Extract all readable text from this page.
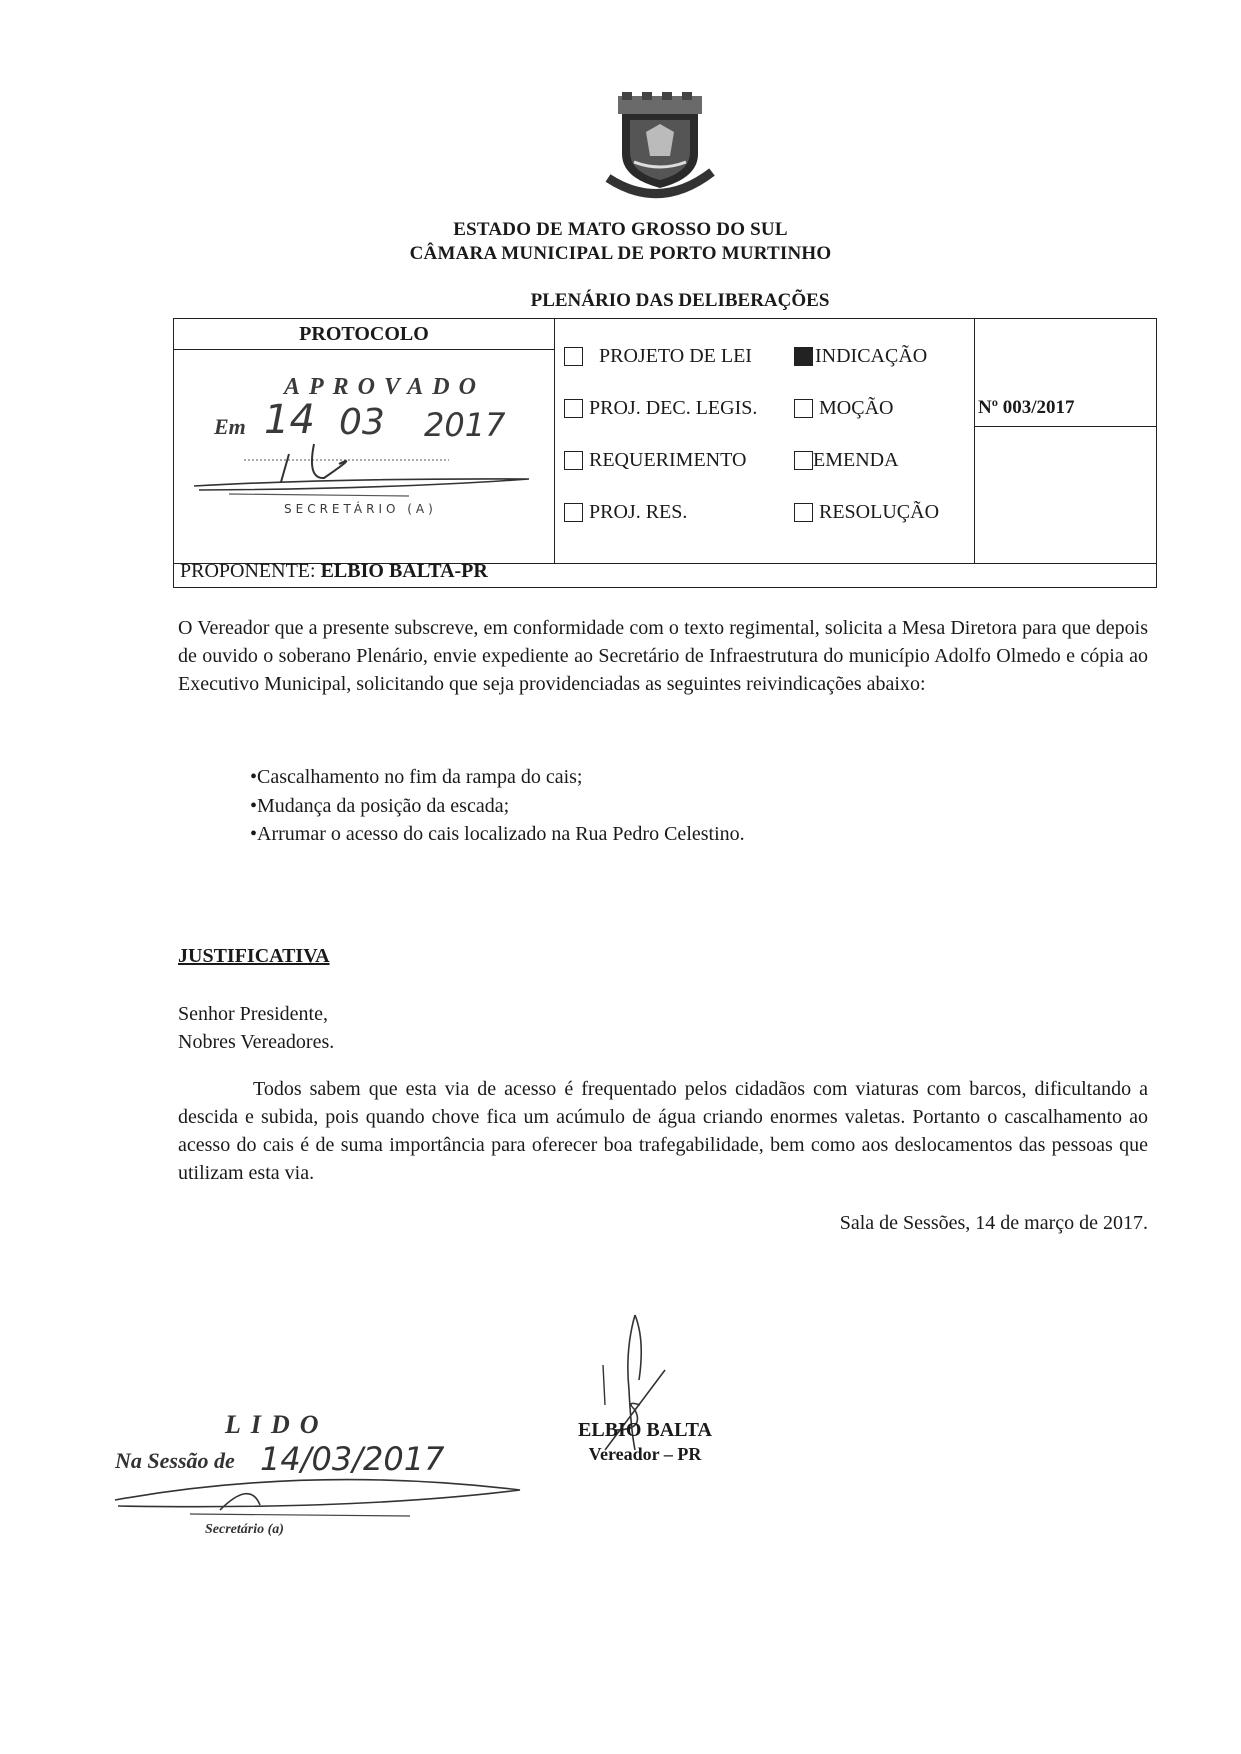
ESTADO DE MATO GROSSO DO SUL
CÂMARA MUNICIPAL DE PORTO MURTINHO
PLENÁRIO DAS DELIBERAÇÕES
PROTOCOLO
APROVADO
Em 14 03 2017
SECRETÁRIO (A)
PROJETO DE LEI	INDICAÇÃO
PROJ. DEC. LEGIS.	MOÇÃO
REQUERIMENTO	EMENDA
PROJ. RES.	RESOLUÇÃO
Nº 003/2017
PROPONENTE: ELBIO BALTA-PR
O Vereador que a presente subscreve, em conformidade com o texto regimental, solicita a Mesa Diretora para que depois de ouvido o soberano Plenário, envie expediente ao Secretário de Infraestrutura do município Adolfo Olmedo e cópia ao Executivo Municipal, solicitando que seja providenciadas as seguintes reivindicações abaixo:
• Cascalhamento no fim da rampa do cais;
• Mudança da posição da escada;
• Arrumar o acesso do cais localizado na Rua Pedro Celestino.
JUSTIFICATIVA
Senhor Presidente,
Nobres Vereadores.
Todos sabem que esta via de acesso é frequentado pelos cidadãos com viaturas com barcos, dificultando a descida e subida, pois quando chove fica um acúmulo de água criando enormes valetas. Portanto o cascalhamento ao acesso do cais é de suma importância para oferecer boa trafegabilidade, bem como aos deslocamentos das pessoas que utilizam esta via.
Sala de Sessões, 14 de março de 2017.
ELBIO BALTA
Vereador – PR
LIDO
Na Sessão de 14/03/2017
Secretário (a)
